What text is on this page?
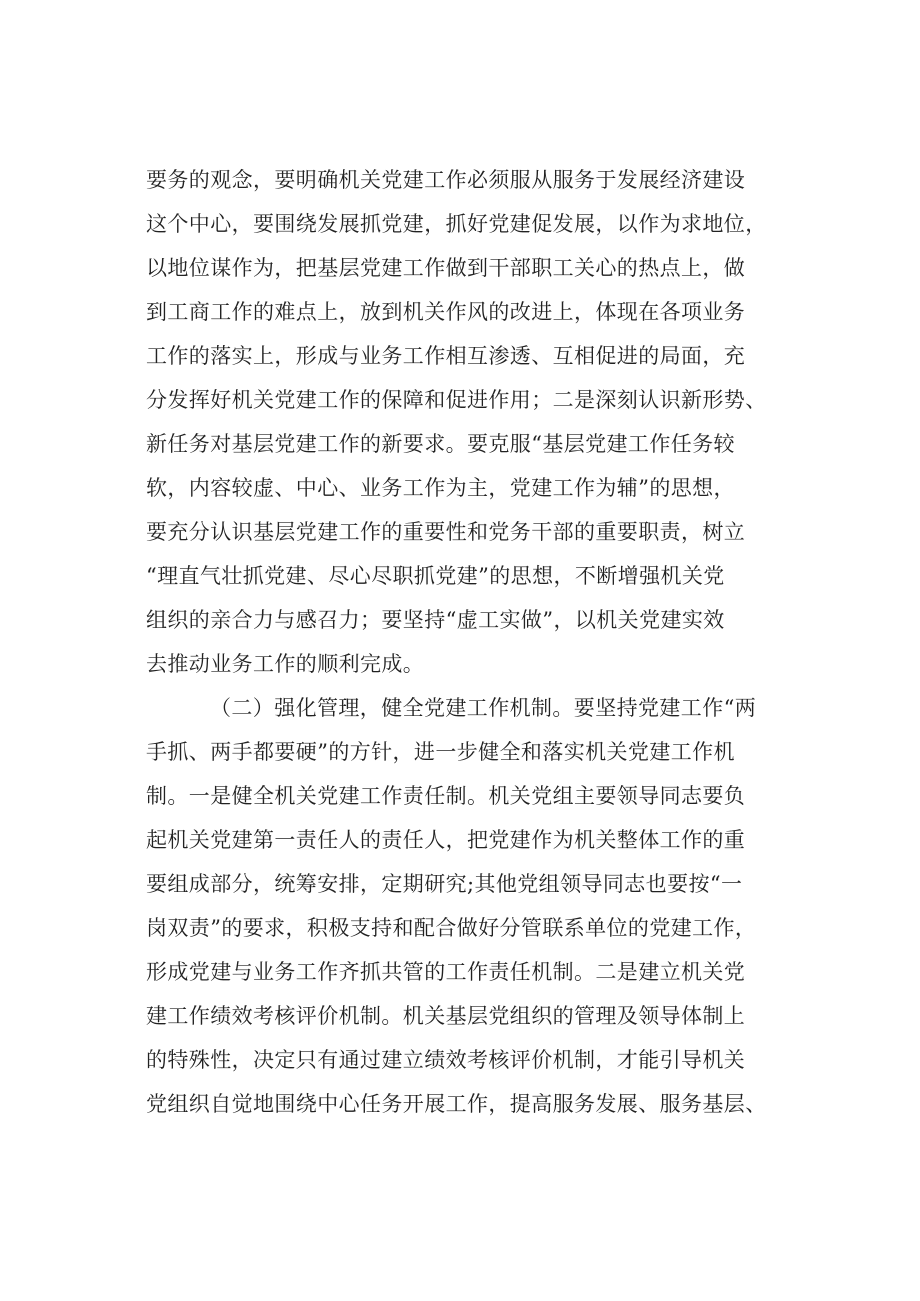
要务的观念，要明确机关党建工作必须服从服务于发展经济建设
这个中心，要围绕发展抓党建，抓好党建促发展，以作为求地位，
以地位谋作为，把基层党建工作做到干部职工关心的热点上，做
到工商工作的难点上，放到机关作风的改进上，体现在各项业务
工作的落实上，形成与业务工作相互渗透、互相促进的局面，充
分发挥好机关党建工作的保障和促进作用；二是深刻认识新形势、
新任务对基层党建工作的新要求。要克服“基层党建工作任务较
软，内容较虚、中心、业务工作为主，党建工作为辅”的思想，
要充分认识基层党建工作的重要性和党务干部的重要职责，树立
“理直气壮抓党建、尽心尽职抓党建”的思想，不断增强机关党
组织的亲合力与感召力；要坚持“虚工实做”，以机关党建实效
去推动业务工作的顺利完成。
（二）强化管理，健全党建工作机制。要坚持党建工作“两
手抓、两手都要硬”的方针，进一步健全和落实机关党建工作机
制。一是健全机关党建工作责任制。机关党组主要领导同志要负
起机关党建第一责任人的责任人，把党建作为机关整体工作的重
要组成部分，统筹安排，定期研究;其他党组领导同志也要按“一
岗双责”的要求，积极支持和配合做好分管联系单位的党建工作，
形成党建与业务工作齐抓共管的工作责任机制。二是建立机关党
建工作绩效考核评价机制。机关基层党组织的管理及领导体制上
的特殊性，决定只有通过建立绩效考核评价机制，才能引导机关
党组织自觉地围绕中心任务开展工作，提高服务发展、服务基层、
